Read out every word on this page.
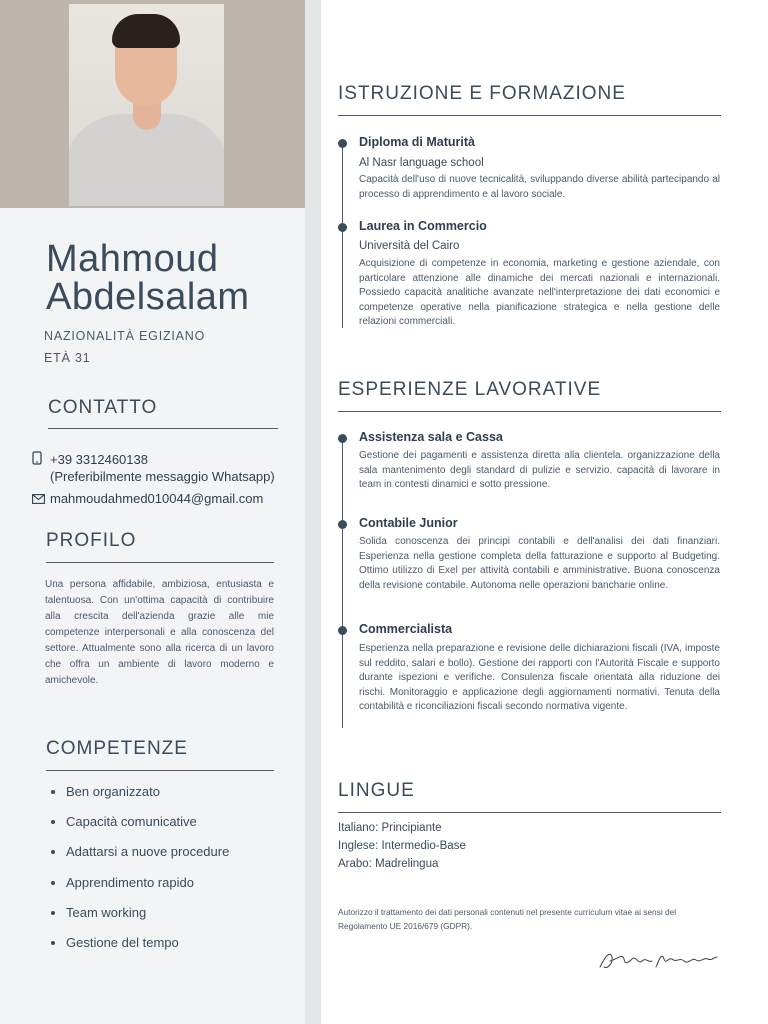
Mahmoud
Abdelsalam
NAZIONALITÀ EGIZIANO
ETÀ 31
CONTATTO
+39 3312460138
(Preferibilmente messaggio Whatsapp)
mahmoudahmed010044@gmail.com
PROFILO
Una persona affidabile, ambiziosa, entusiasta e talentuosa. Con un'ottima capacità di contribuire alla crescita dell'azienda grazie alle mie competenze interpersonali e alla conoscenza del settore. Attualmente sono alla ricerca di un lavoro che offra un ambiente di lavoro moderno e amichevole.
COMPETENZE
• Ben organizzato
• Capacità comunicative
• Adattarsi a nuove procedure
• Apprendimento rapido
• Team working
• Gestione del tempo
ISTRUZIONE E FORMAZIONE
Diploma di Maturità
Al Nasr language school
Capacità dell'uso di nuove tecnicalità, sviluppando diverse abilità partecipando al processo di apprendimento e al lavoro sociale.
Laurea in Commercio
Università del Cairo
Acquisizione di competenze in economia, marketing e gestione aziendale, con particolare attenzione alle dinamiche dei mercati nazionali e internazionali. Possiedo capacità analitiche avanzate nell'interpretazione dei dati economici e competenze operative nella pianificazione strategica e nella gestione delle relazioni commerciali.
ESPERIENZE LAVORATIVE
Assistenza sala e Cassa
Gestione dei pagamenti e assistenza diretta alla clientela. organizzazione della sala mantenimento degli standard di pulizie e servizio. capacità di lavorare in team in contesti dinamici e sotto pressione.
Contabile Junior
Solida conoscenza dei principi contabili e dell'analisi dei dati finanziari. Esperienza nella gestione completa della fatturazione e supporto al Budgeting. Ottimo utilizzo di Exel per attività contabili e amministrative. Buona conoscenza della revisione contabile. Autonoma nelle operazioni bancharie online.
Commercialista
Esperienza nella preparazione e revisione delle dichiarazioni fiscali (IVA, imposte sul reddito, salari e bollo). Gestione dei rapporti con l'Autorità Fiscale e supporto durante ispezioni e verifiche. Consulenza fiscale orientata alla riduzione dei rischi. Monitoraggio e applicazione degli aggiornamenti normativi. Tenuta della contabilità e riconciliazioni fiscali secondo normativa vigente.
LINGUE
Italiano: Principiante
Inglese: Intermedio-Base
Arabo: Madrelingua
Autorizzo il trattamento dei dati personali contenuti nel presente curriculum vitae ai sensi del Regolamento UE 2016/679 (GDPR).
